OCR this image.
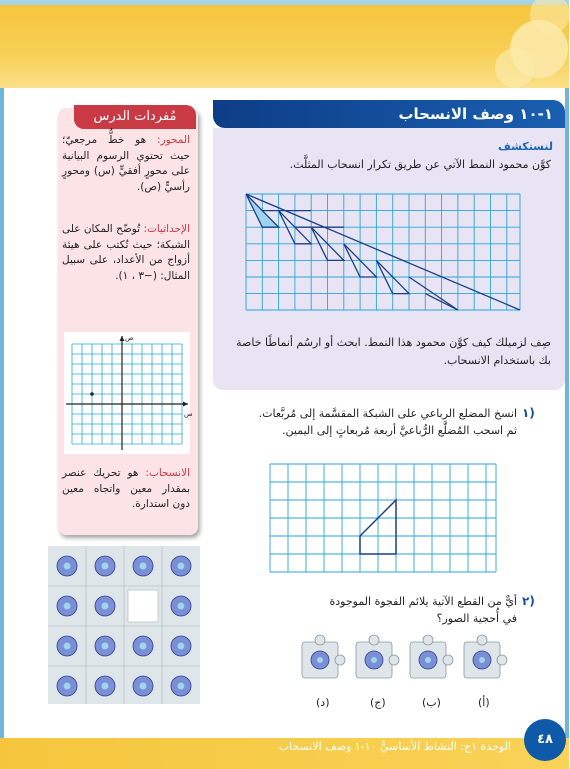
مُفردات الدرس
المحور: هو خطٌّ مرجعيّ؛ حيث تحتوي الرسوم البيانية على محورٍ أفقيٍّ (س) ومحورٍ رأسيٍّ (ص).
الإحداثيات: تُوضّح المكان على الشبكة؛ حيث تُكتب على هيئة أزواج من الأعداد، على سبيل المثال: (−٣ ، ١).
س
ص
الانسحاب: هو تحريك عنصر بمقدار معين واتجاه معين دون استدارة.
١-١٠ وصف الانسحاب
لنستكشف
كوَّن محمود النمط الآتي عن طريق تكرار انسحاب المثلَّث.
صِف لزميلك كيف كوَّن محمود هذا النمط. ابحث أو ارسُم أنماطًا خاصة بك باستخدام الانسحاب.
١)
انسخ المضلع الرباعي على الشبكة المقسَّمة إلى مُربَّعات. ثم اسحب المُضلَّع الرُّباعيَّ أربعة مُربعاتٍ إلى اليمين.
٢)
أيٌّ من القطع الآتية يلائم الفجوة الموجودة في أُحجية الصور؟
(أ)
(ب)
(ج)
(د)
٤٨
الوحدة ١ج: النشاط الأساسيُّ ١٠-١ وصف الانسحاب
